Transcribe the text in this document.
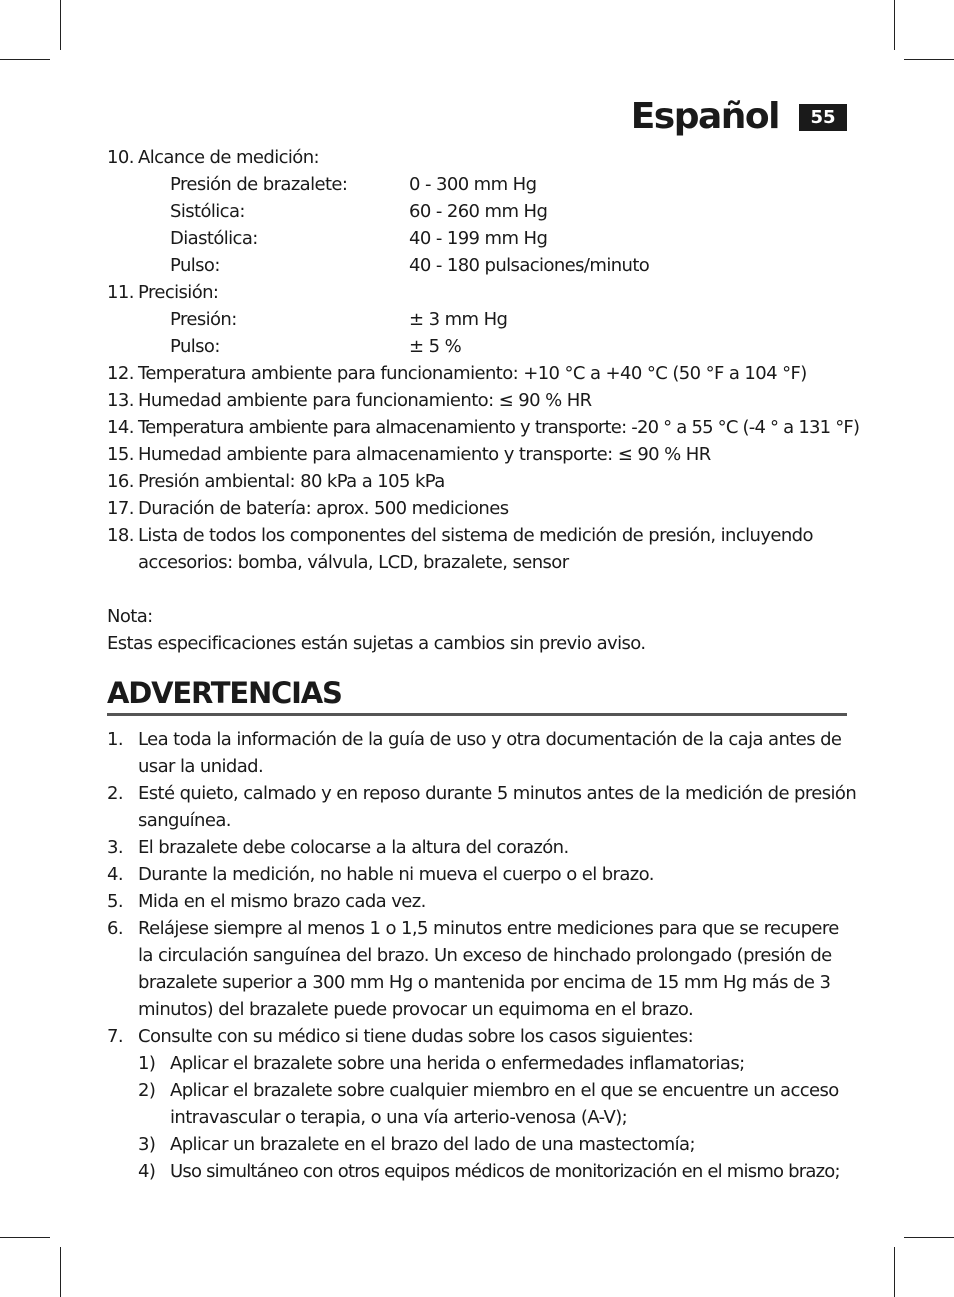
Español	55
10. Alcance de medición:
Presión de brazalete:	0 - 300 mm Hg
Sistólica:	60 - 260 mm Hg
Diastólica:	40 - 199 mm Hg
Pulso:	40 - 180 pulsaciones/minuto
11. Precisión:
Presión:	± 3 mm Hg
Pulso:	± 5 %
12. Temperatura ambiente para funcionamiento: +10 °C a +40 °C (50 °F a 104 °F)
13. Humedad ambiente para funcionamiento: ≤ 90 % HR
14. Temperatura ambiente para almacenamiento y transporte: -20 ° a 55 °C (-4 ° a 131 °F)
15. Humedad ambiente para almacenamiento y transporte: ≤ 90 % HR
16. Presión ambiental: 80 kPa a 105 kPa
17. Duración de batería: aprox. 500 mediciones
18. Lista de todos los componentes del sistema de medición de presión, incluyendo
accesorios: bomba, válvula, LCD, brazalete, sensor
Nota:
Estas especificaciones están sujetas a cambios sin previo aviso.
ADVERTENCIAS
1. Lea toda la información de la guía de uso y otra documentación de la caja antes de
usar la unidad.
2. Esté quieto, calmado y en reposo durante 5 minutos antes de la medición de presión
sanguínea.
3. El brazalete debe colocarse a la altura del corazón.
4. Durante la medición, no hable ni mueva el cuerpo o el brazo.
5. Mida en el mismo brazo cada vez.
6. Relájese siempre al menos 1 o 1,5 minutos entre mediciones para que se recupere
la circulación sanguínea del brazo. Un exceso de hinchado prolongado (presión de
brazalete superior a 300 mm Hg o mantenida por encima de 15 mm Hg más de 3
minutos) del brazalete puede provocar un equimoma en el brazo.
7. Consulte con su médico si tiene dudas sobre los casos siguientes:
1) Aplicar el brazalete sobre una herida o enfermedades inflamatorias;
2) Aplicar el brazalete sobre cualquier miembro en el que se encuentre un acceso
intravascular o terapia, o una vía arterio-venosa (A-V);
3) Aplicar un brazalete en el brazo del lado de una mastectomía;
4) Uso simultáneo con otros equipos médicos de monitorización en el mismo brazo;
